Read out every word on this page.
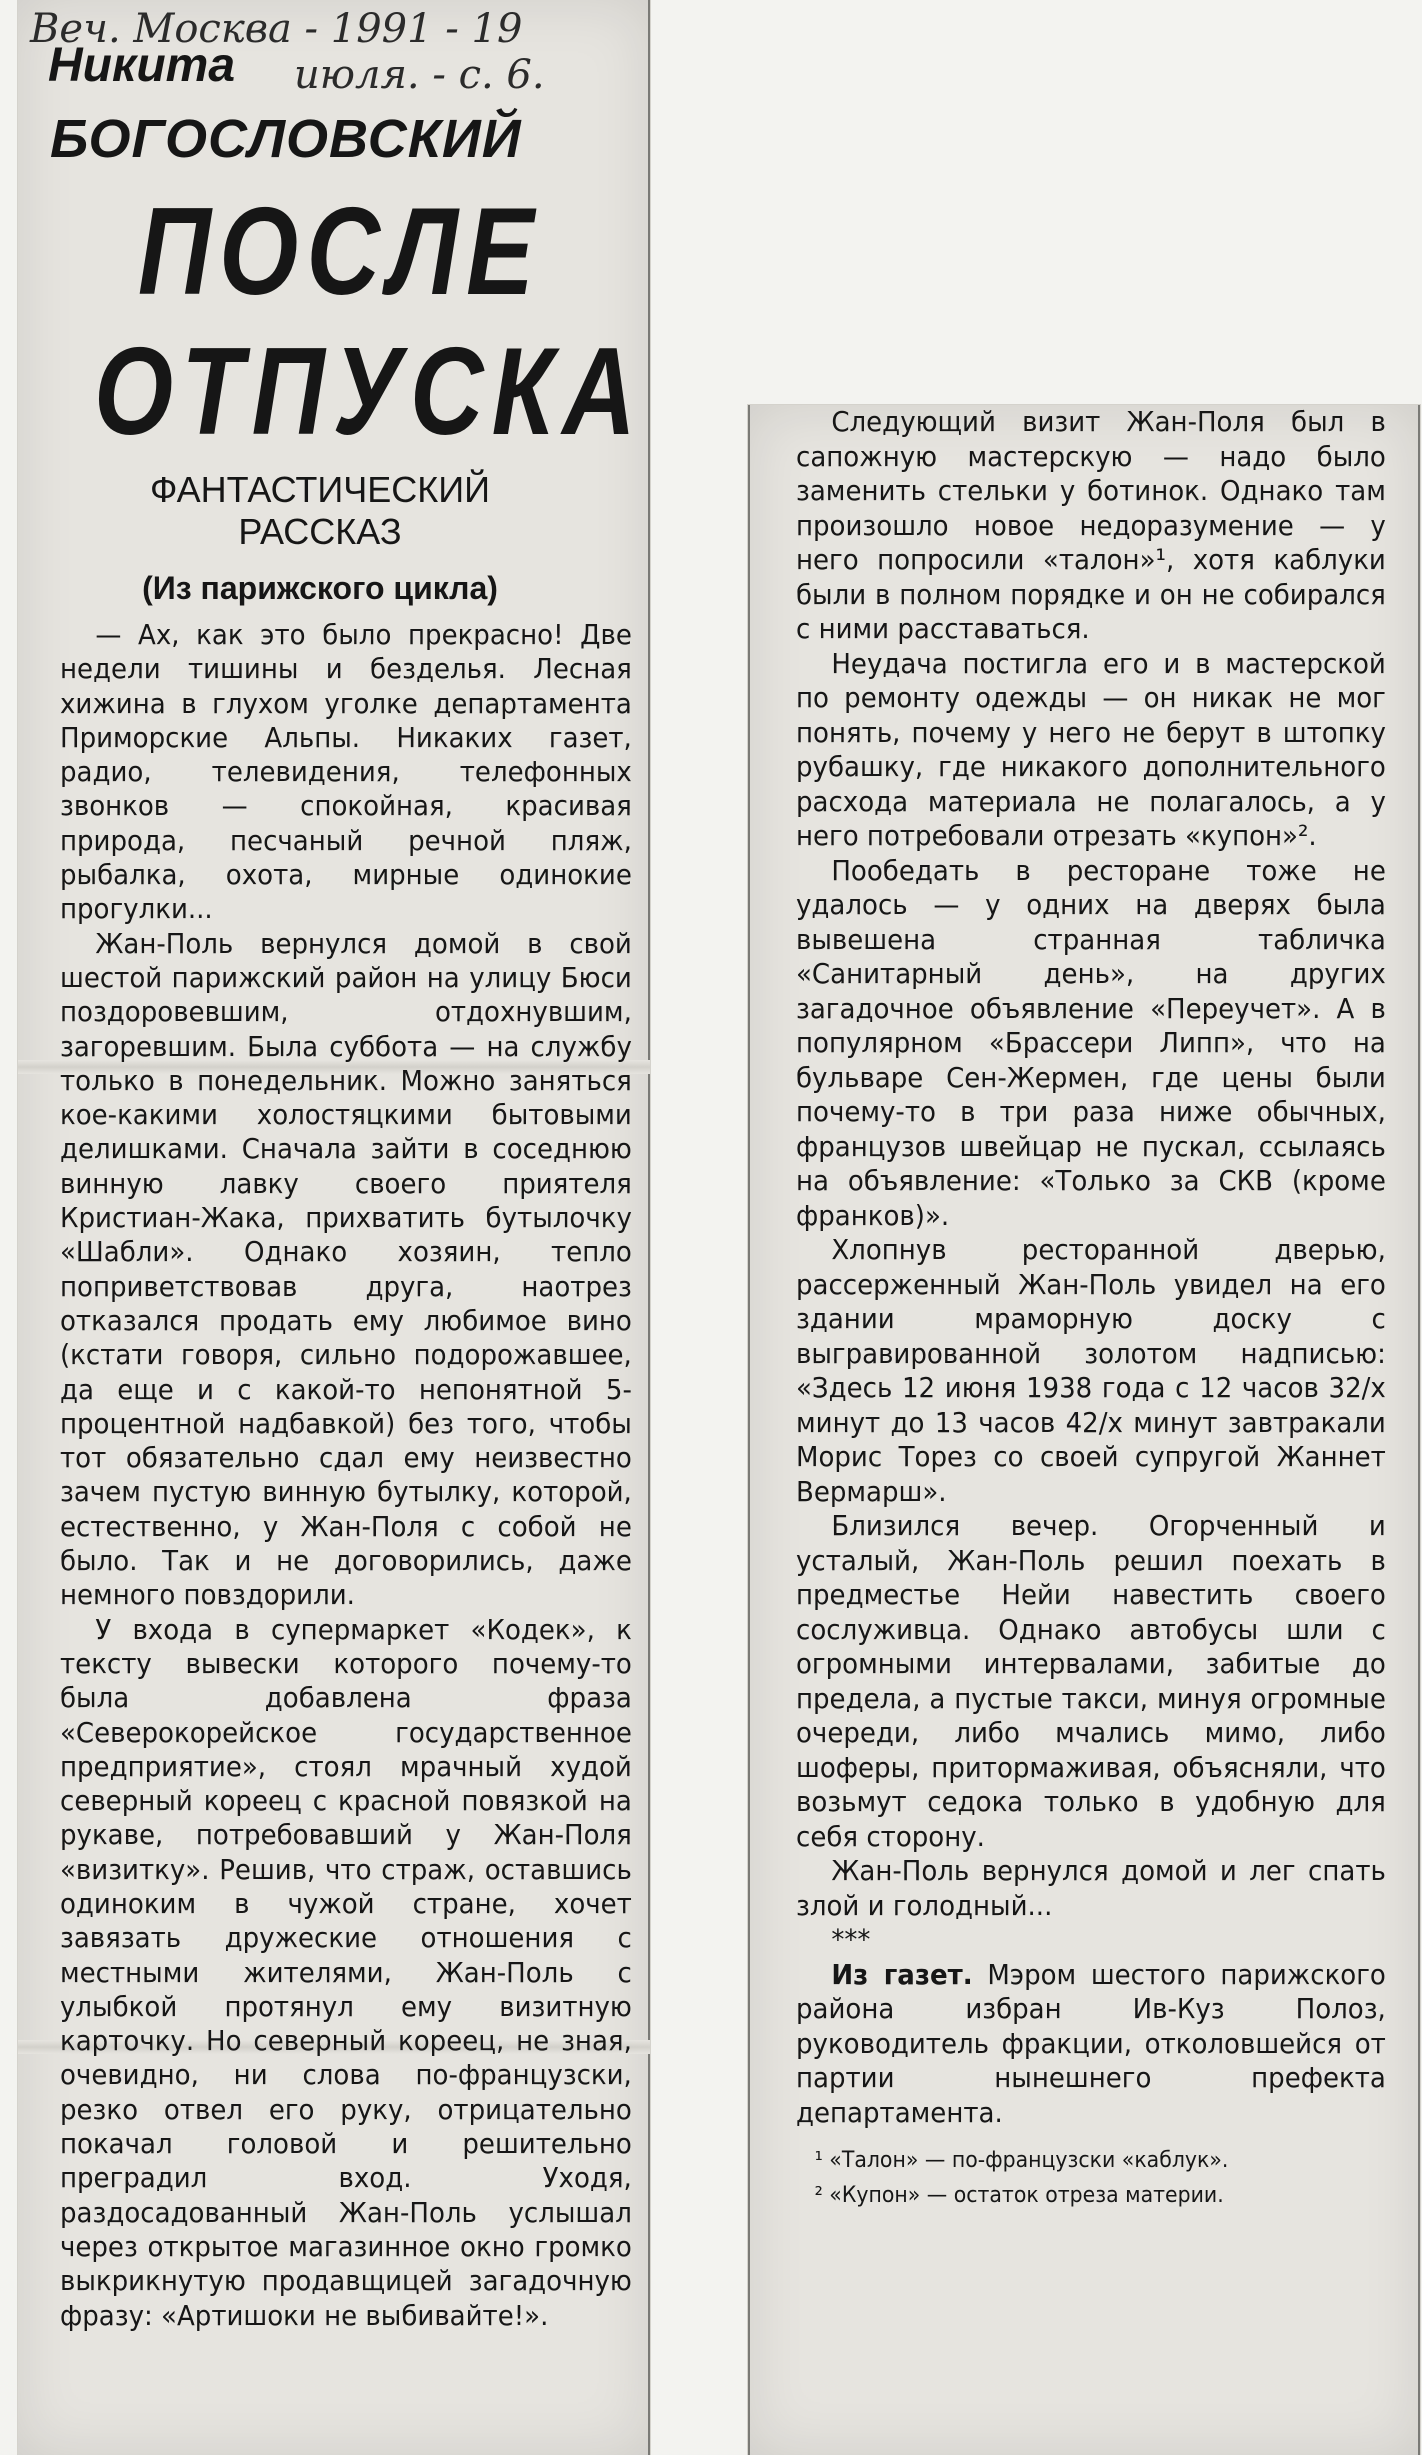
Веч. Москва - 1991 - 19

Никита июля. - с. 6.

БОГОСЛОВСКИЙ
ПОСЛЕ
ОТПУСКА

ФАНТАСТИЧЕСКИЙ

РАССКАЗ

(Из парижского цикла)

— Ах, как это было прекрасно! Две недели тишины и безделья. Лесная хижина в глухом уголке департамента Приморские Альпы. Никаких газет, радио, телевидения, телефонных звонков — спокойная, красивая природа, песчаный речной пляж, рыбалка, охота, мирные одинокие прогулки...

Жан-Поль вернулся домой в свой шестой парижский район на улицу Бюси поздоровевшим, отдохнувшим, загоревшим. Была суббота — на службу только в понедельник. Можно заняться кое-какими холостяцкими бытовыми делишками. Сначала зайти в соседнюю винную лавку своего приятеля Кристиан-Жака, прихватить бутылочку «Шабли». Однако хозяин, тепло поприветствовав друга, наотрез отказался продать ему любимое вино (кстати говоря, сильно подорожавшее, да еще и с какой-то непонятной 5-процентной надбавкой) без того, чтобы тот обязательно сдал ему неизвестно зачем пустую винную бутылку, которой, естественно, у Жан-Поля с собой не было. Так и не договорились, даже немного повздорили.

У входа в супермаркет «Кодек», к тексту вывески которого почему-то была добавлена фраза «Северокорейское государственное предприятие», стоял мрачный худой северный кореец с красной повязкой на рукаве, потребовавший у Жан-Поля «визитку». Решив, что страж, оставшись одиноким в чужой стране, хочет завязать дружеские отношения с местными жителями, Жан-Поль с улыбкой протянул ему визитную карточку. Но северный кореец, не зная, очевидно, ни слова по-французски, резко отвел его руку, отрицательно покачал головой и решительно преградил вход. Уходя, раздосадованный Жан-Поль услышал через открытое магазинное окно громко выкрикнутую продавщицей загадочную фразу: «Артишоки не выбивайте!».

Следующий визит Жан-Поля был в сапожную мастерскую — надо было заменить стельки у ботинок. Однако там произошло новое недоразумение — у него попросили «талон»¹, хотя каблуки были в полном порядке и он не собирался с ними расставаться.

Неудача постигла его и в мастерской по ремонту одежды — он никак не мог понять, почему у него не берут в штопку рубашку, где никакого дополнительного расхода материала не полагалось, а у него потребовали отрезать «купон»².

Пообедать в ресторане тоже не удалось — у одних на дверях была вывешена странная табличка «Санитарный день», на других загадочное объявление «Переучет». А в популярном «Брассери Липп», что на бульваре Сен-Жермен, где цены были почему-то в три раза ниже обычных, французов швейцар не пускал, ссылаясь на объявление: «Только за СКВ (кроме франков)».

Хлопнув ресторанной дверью, рассерженный Жан-Поль увидел на его здании мраморную доску с выгравированной золотом надписью: «Здесь 12 июня 1938 года с 12 часов 32/х минут до 13 часов 42/х минут завтракали Морис Торез со своей супругой Жаннет Вермарш».

Близился вечер. Огорченный и усталый, Жан-Поль решил поехать в предместье Нейи навестить своего сослуживца. Однако автобусы шли с огромными интервалами, забитые до предела, а пустые такси, минуя огромные очереди, либо мчались мимо, либо шоферы, притормаживая, объясняли, что возьмут седока только в удобную для себя сторону.

Жан-Поль вернулся домой и лег спать злой и голодный...

***

Из газет. Мэром шестого парижского района избран Ив-Куз Полоз, руководитель фракции, отколовшейся от партии нынешнего префекта департамента.

¹ «Талон» — по-французски «каблук».

² «Купон» — остаток отреза материи.
